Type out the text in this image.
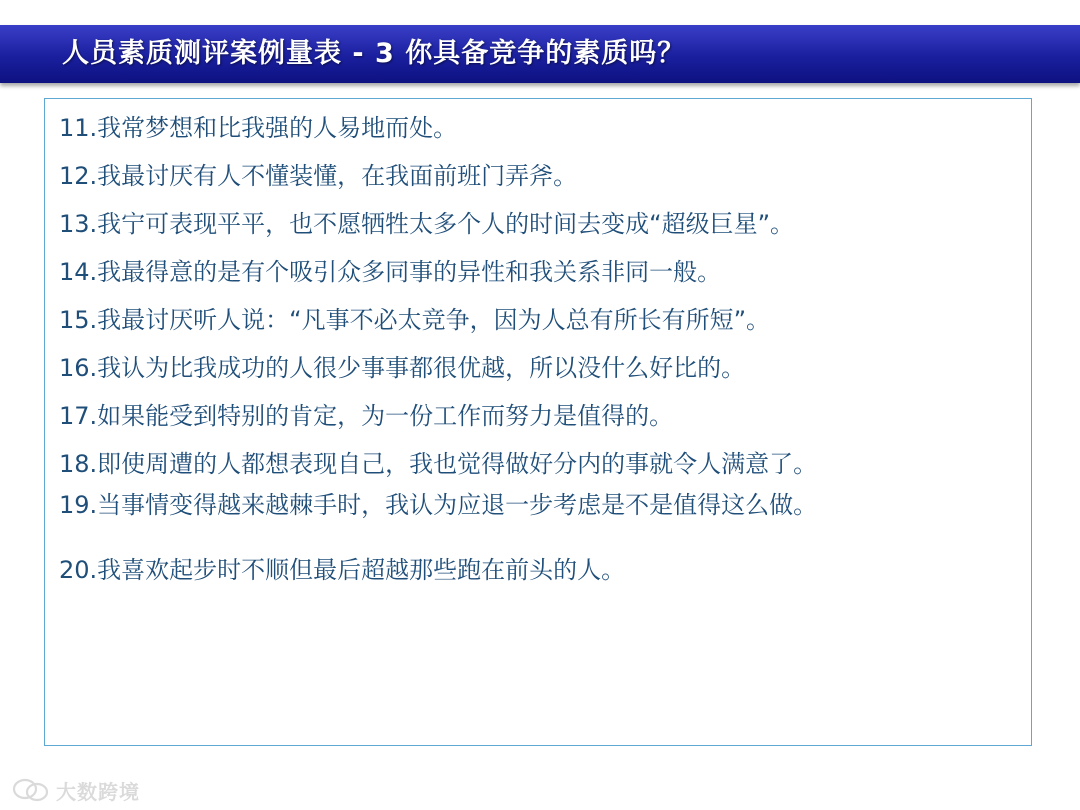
人员素质测评案例量表 - 3 你具备竞争的素质吗？
11.我常梦想和比我强的人易地而处。
12.我最讨厌有人不懂装懂，在我面前班门弄斧。
13.我宁可表现平平，也不愿牺牲太多个人的时间去变成“超级巨星”。
14.我最得意的是有个吸引众多同事的异性和我关系非同一般。
15.我最讨厌听人说：“凡事不必太竞争，因为人总有所长有所短”。
16.我认为比我成功的人很少事事都很优越，所以没什么好比的。
17.如果能受到特别的肯定，为一份工作而努力是值得的。
18.即使周遭的人都想表现自己，我也觉得做好分内的事就令人满意了。
19.当事情变得越来越棘手时，我认为应退一步考虑是不是值得这么做。
20.我喜欢起步时不顺但最后超越那些跑在前头的人。
大数跨境
